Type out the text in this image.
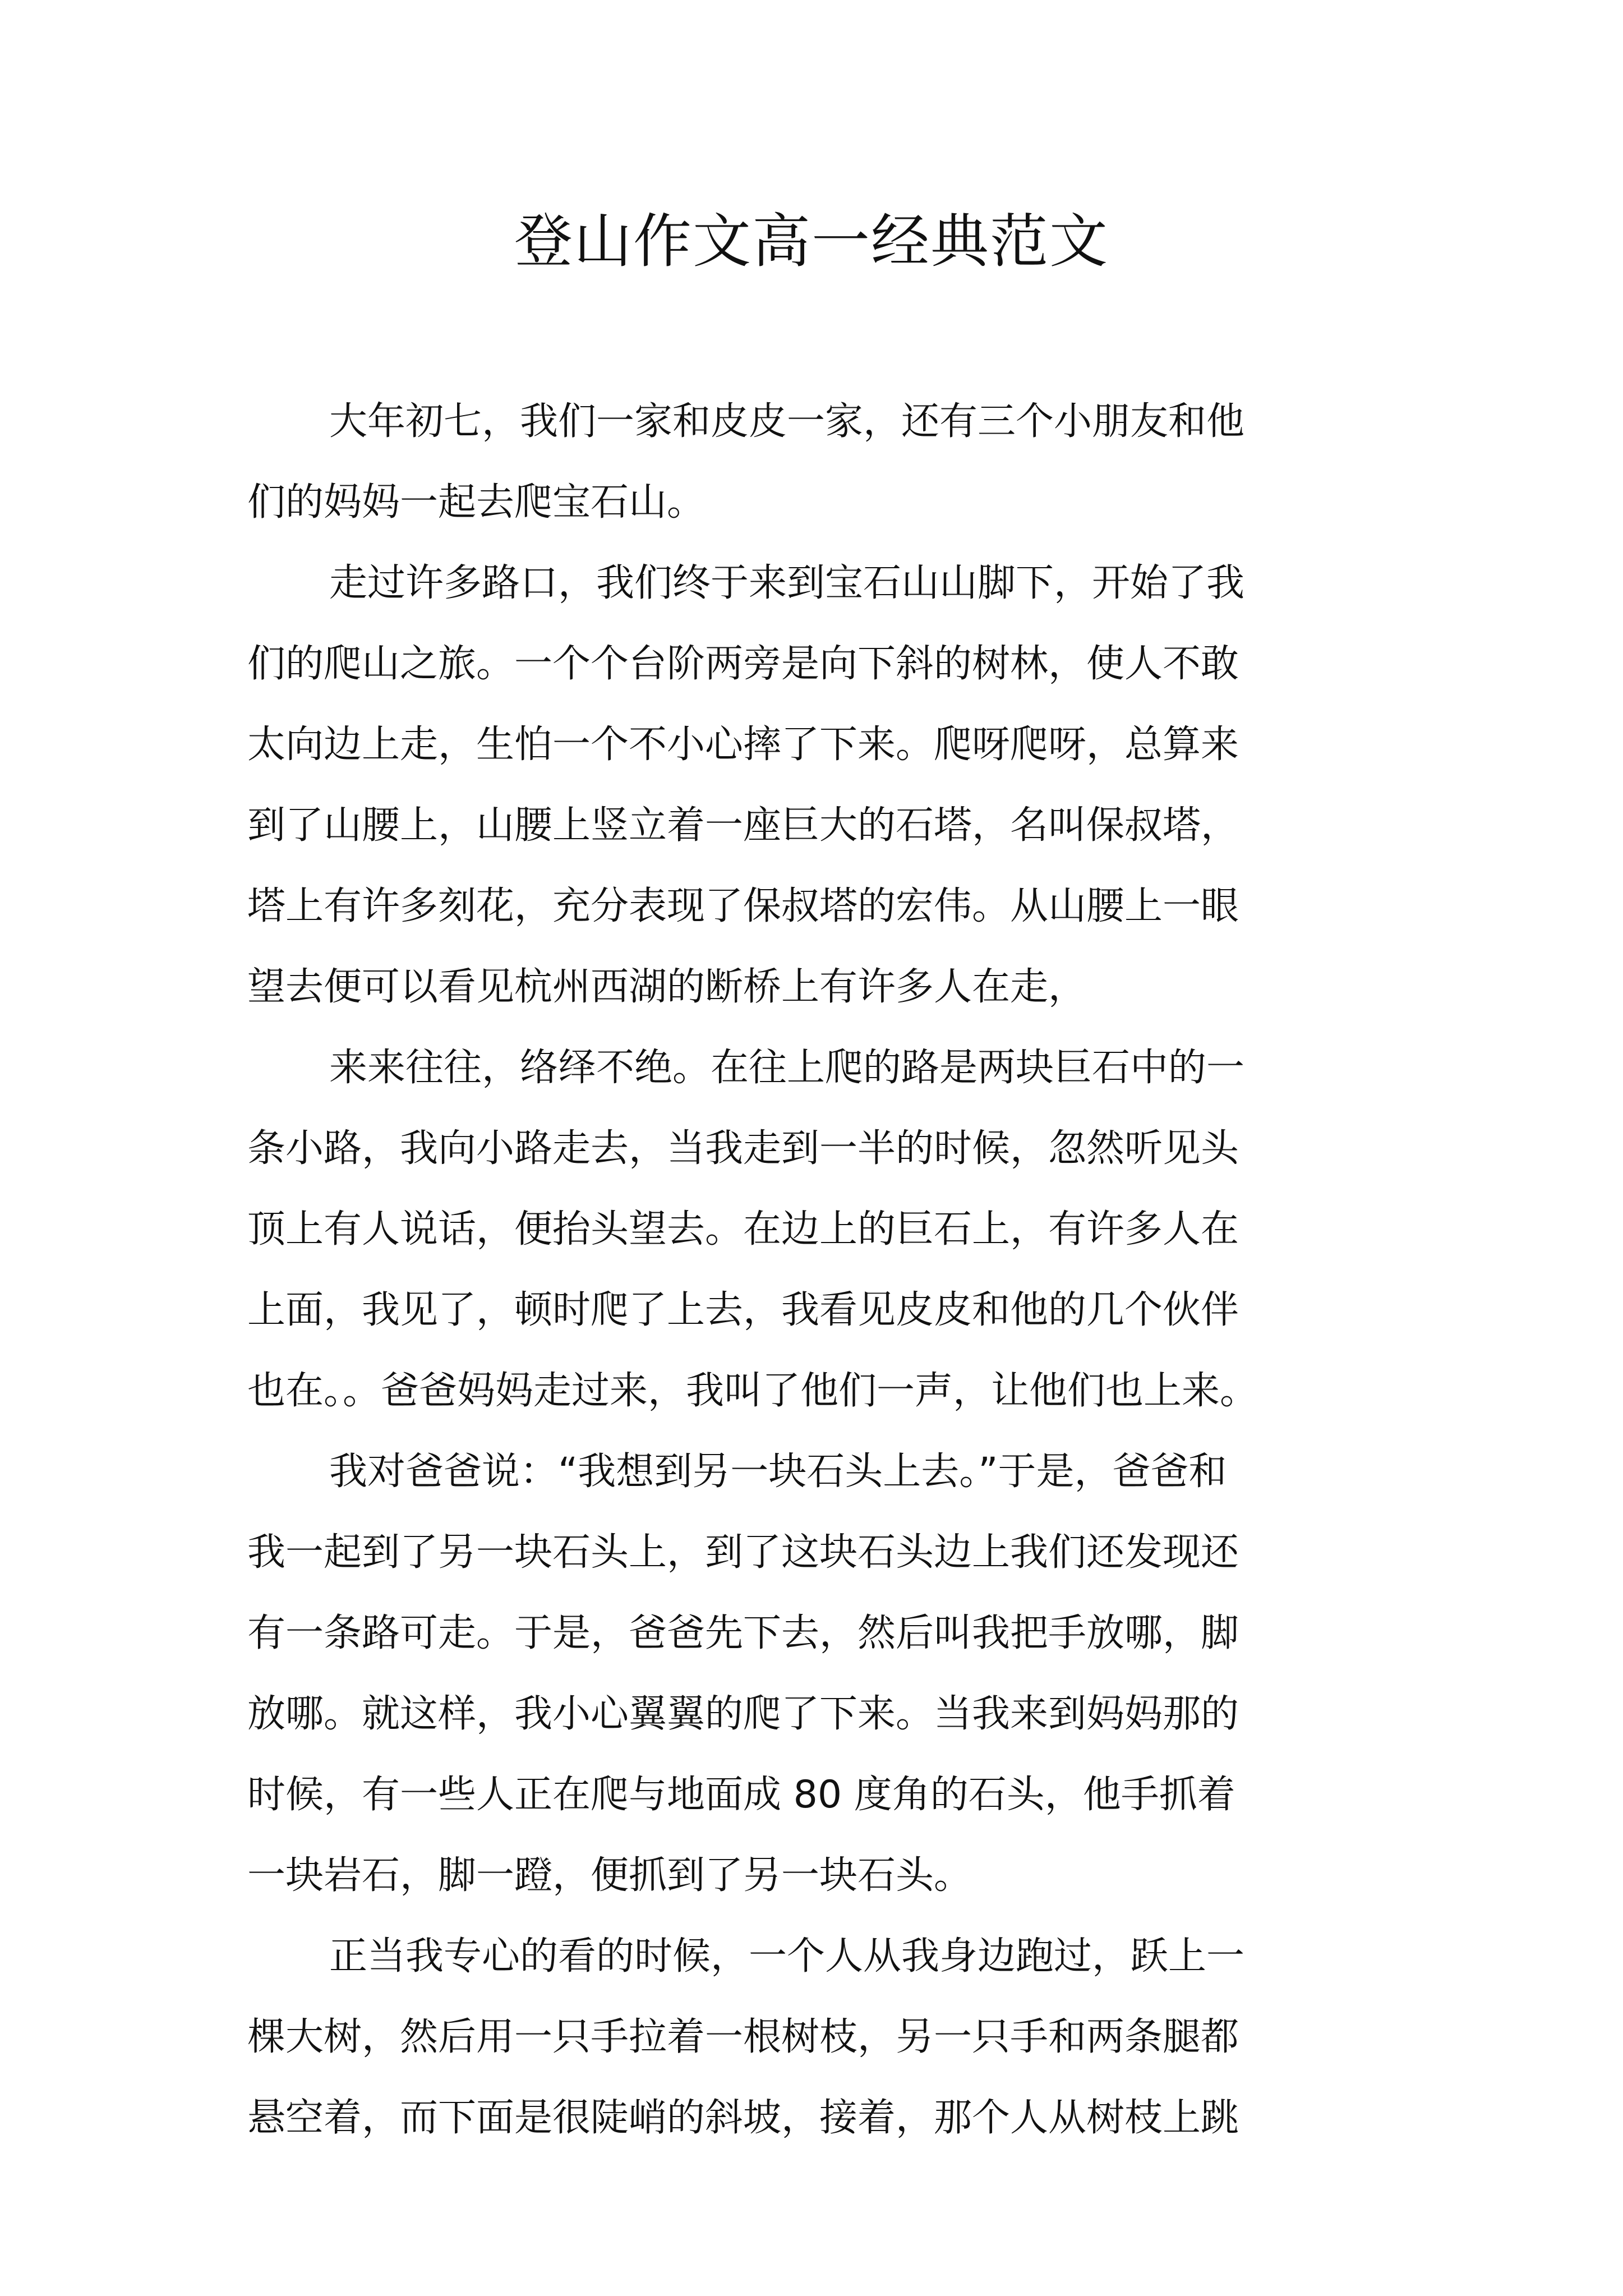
登山作文高一经典范文
大年初七，我们一家和皮皮一家，还有三个小朋友和他
们的妈妈一起去爬宝石山。
走过许多路口，我们终于来到宝石山山脚下，开始了我
们的爬山之旅。一个个台阶两旁是向下斜的树林，使人不敢
太向边上走，生怕一个不小心摔了下来。爬呀爬呀，总算来
到了山腰上，山腰上竖立着一座巨大的石塔，名叫保叔塔，
塔上有许多刻花，充分表现了保叔塔的宏伟。从山腰上一眼
望去便可以看见杭州西湖的断桥上有许多人在走，
来来往往，络绎不绝。在往上爬的路是两块巨石中的一
条小路，我向小路走去，当我走到一半的时候，忽然听见头
顶上有人说话，便抬头望去。在边上的巨石上，有许多人在
上面，我见了，顿时爬了上去，我看见皮皮和他的几个伙伴
也在。。爸爸妈妈走过来，我叫了他们一声，让他们也上来。
我对爸爸说：“我想到另一块石头上去。”于是，爸爸和
我一起到了另一块石头上，到了这块石头边上我们还发现还
有一条路可走。于是，爸爸先下去，然后叫我把手放哪，脚
放哪。就这样，我小心翼翼的爬了下来。当我来到妈妈那的
时候，有一些人正在爬与地面成 80 度角的石头，他手抓着
一块岩石，脚一蹬，便抓到了另一块石头。
正当我专心的看的时候，一个人从我身边跑过，跃上一
棵大树，然后用一只手拉着一根树枝，另一只手和两条腿都
悬空着，而下面是很陡峭的斜坡，接着，那个人从树枝上跳
